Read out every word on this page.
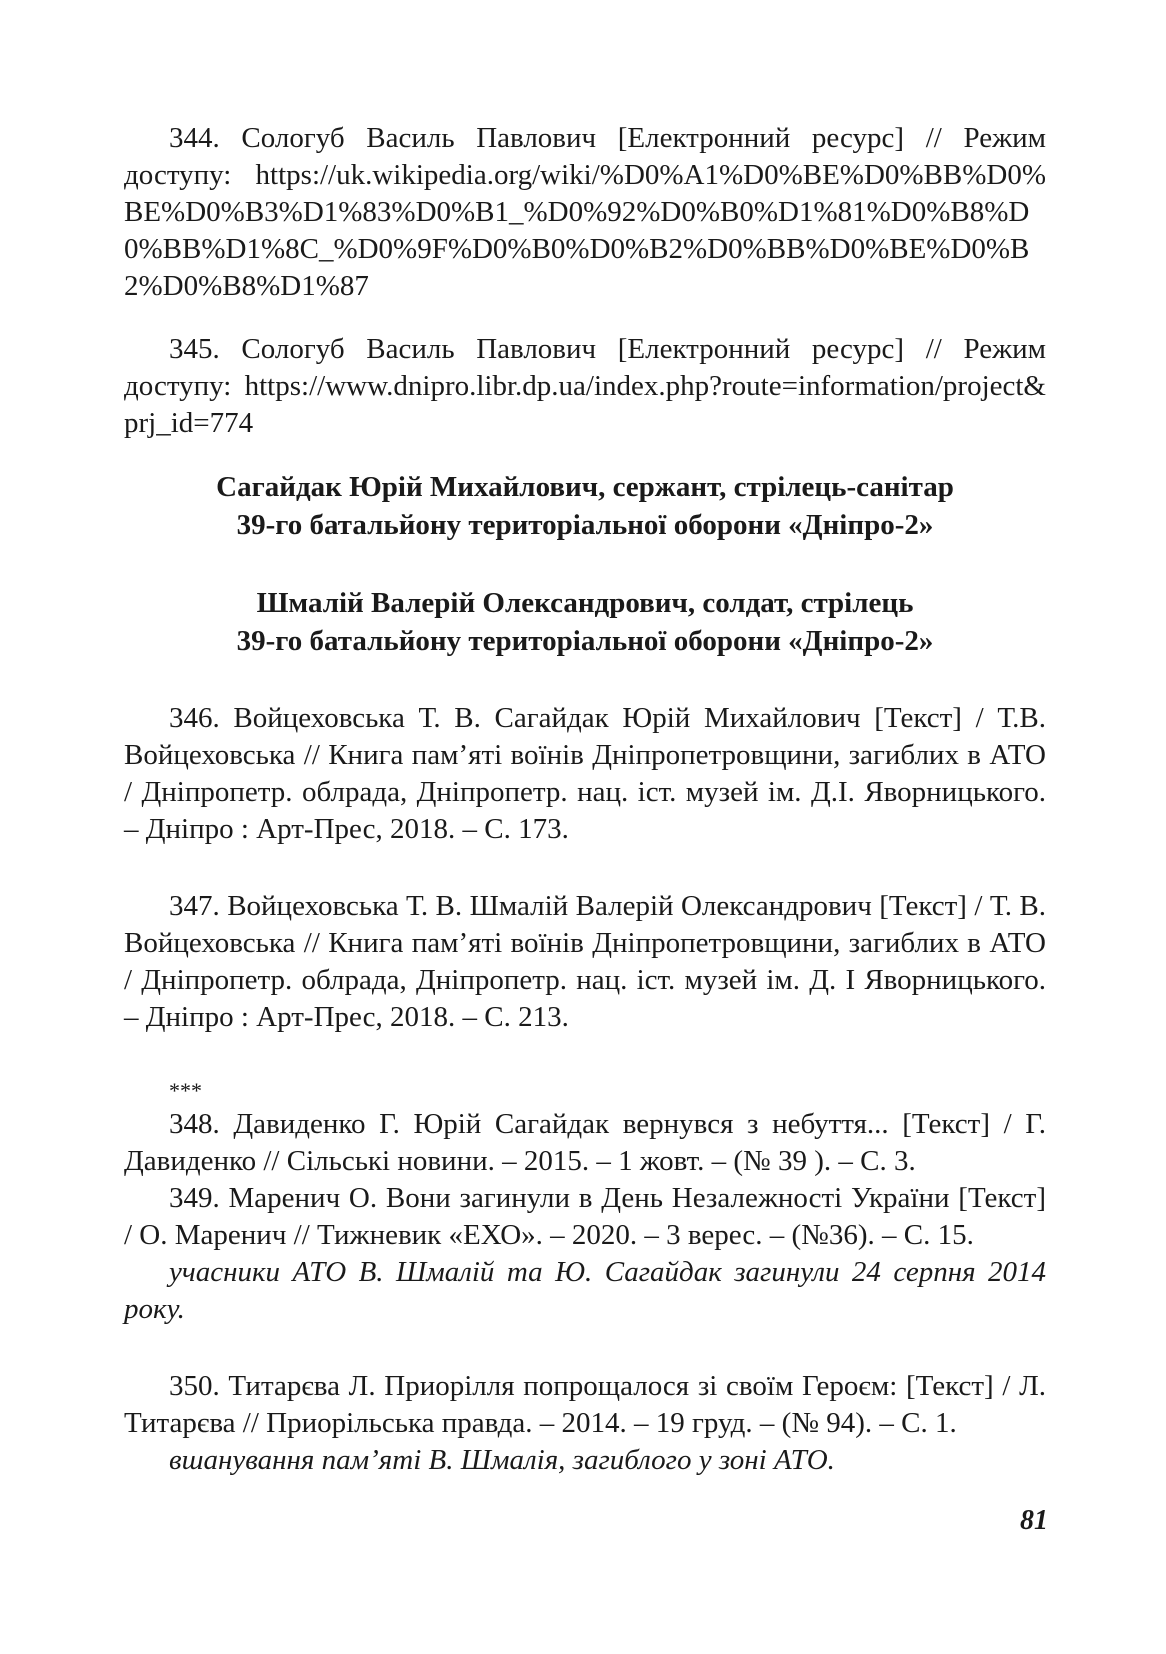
344. Сологуб Василь Павлович [Електронний ресурс] // Режим доступу: https://uk.wikipedia.org/wiki/%D0%A1%D0%BE%D0%BB%D0%BE%D0%B3%D1%83%D0%B1_%D0%92%D0%B0%D1%81%D0%B8%D0%BB%D1%8C_%D0%9F%D0%B0%D0%B2%D0%BB%D0%BE%D0%B2%D0%B8%D1%87

345. Сологуб Василь Павлович [Електронний ресурс] // Режим доступу: https://www.dnipro.libr.dp.ua/index.php?route=information/project&prj_id=774

Сагайдак Юрій Михайлович, сержант, стрілець-санітар
39-го батальйону територіальної оборони «Дніпро-2»
Шмалій Валерій Олександрович, солдат, стрілець
39-го батальйону територіальної оборони «Дніпро-2»

346. Войцеховська Т. В. Сагайдак Юрій Михайлович [Текст] / Т.В. Войцеховська // Книга пам’яті воїнів Дніпропетровщини, загиблих в АТО / Дніпропетр. облрада, Дніпропетр. нац. іст. музей ім. Д.І. Яворницького. – Дніпро : Арт-Прес, 2018. – С. 173.

347. Войцеховська Т. В. Шмалій Валерій Олександрович [Текст] / Т. В. Войцеховська // Книга пам’яті воїнів Дніпропетровщини, загиблих в АТО / Дніпропетр. облрада, Дніпропетр. нац. іст. музей ім. Д. І Яворницького. – Дніпро : Арт-Прес, 2018. – С. 213.

***

348. Давиденко Г. Юрій Сагайдак вернувся з небуття... [Текст] / Г. Давиденко // Сільські новини. – 2015. – 1 жовт. – (№ 39 ). – С. 3.

349. Маренич О. Вони загинули в День Незалежності України [Текст] / О. Маренич // Тижневик «ЕХО». – 2020. – 3 верес. – (№36). – С. 15.

учасники АТО В. Шмалій та Ю. Сагайдак загинули 24 серпня 2014 року.

350. Титарєва Л. Приорілля попрощалося зі своїм Героєм: [Текст] / Л. Титарєва // Приорільська правда. – 2014. – 19 груд. – (№ 94). – С. 1.

вшанування пам’яті В. Шмалія, загиблого у зоні АТО.

81
